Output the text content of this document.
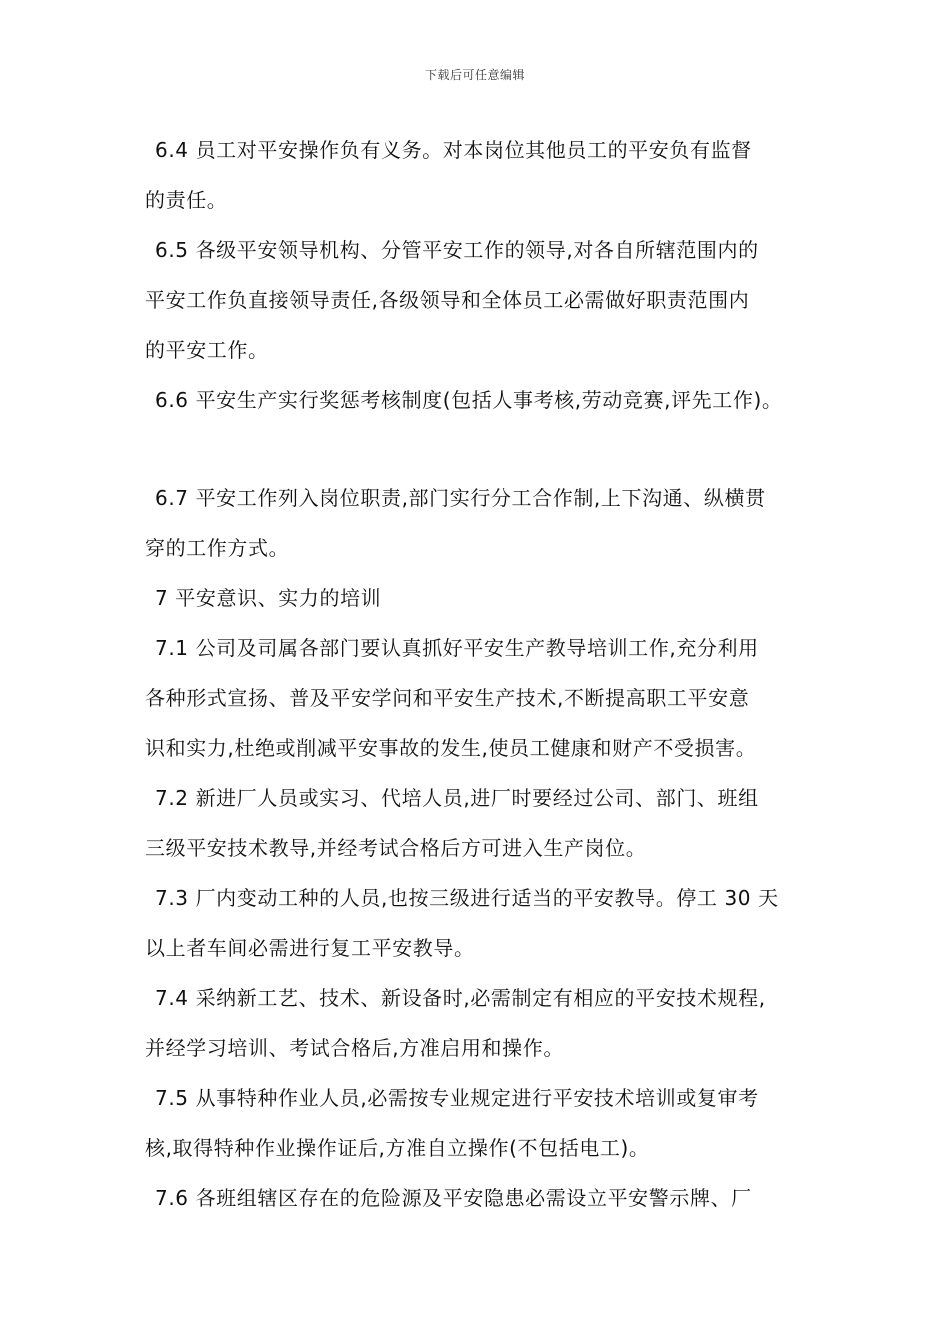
下载后可任意编辑
6.4 员工对平安操作负有义务。对本岗位其他员工的平安负有监督
的责任。
6.5 各级平安领导机构、分管平安工作的领导,对各自所辖范围内的
平安工作负直接领导责任,各级领导和全体员工必需做好职责范围内
的平安工作。
6.6 平安生产实行奖惩考核制度(包括人事考核,劳动竞赛,评先工作)。
6.7 平安工作列入岗位职责,部门实行分工合作制,上下沟通、纵横贯
穿的工作方式。
7 平安意识、实力的培训
7.1 公司及司属各部门要认真抓好平安生产教导培训工作,充分利用
各种形式宣扬、普及平安学问和平安生产技术,不断提高职工平安意
识和实力,杜绝或削减平安事故的发生,使员工健康和财产不受损害。
7.2 新进厂人员或实习、代培人员,进厂时要经过公司、部门、班组
三级平安技术教导,并经考试合格后方可进入生产岗位。
7.3 厂内变动工种的人员,也按三级进行适当的平安教导。停工 30 天
以上者车间必需进行复工平安教导。
7.4 采纳新工艺、技术、新设备时,必需制定有相应的平安技术规程,
并经学习培训、考试合格后,方准启用和操作。
7.5 从事特种作业人员,必需按专业规定进行平安技术培训或复审考
核,取得特种作业操作证后,方准自立操作(不包括电工)。
7.6 各班组辖区存在的危险源及平安隐患必需设立平安警示牌、厂
